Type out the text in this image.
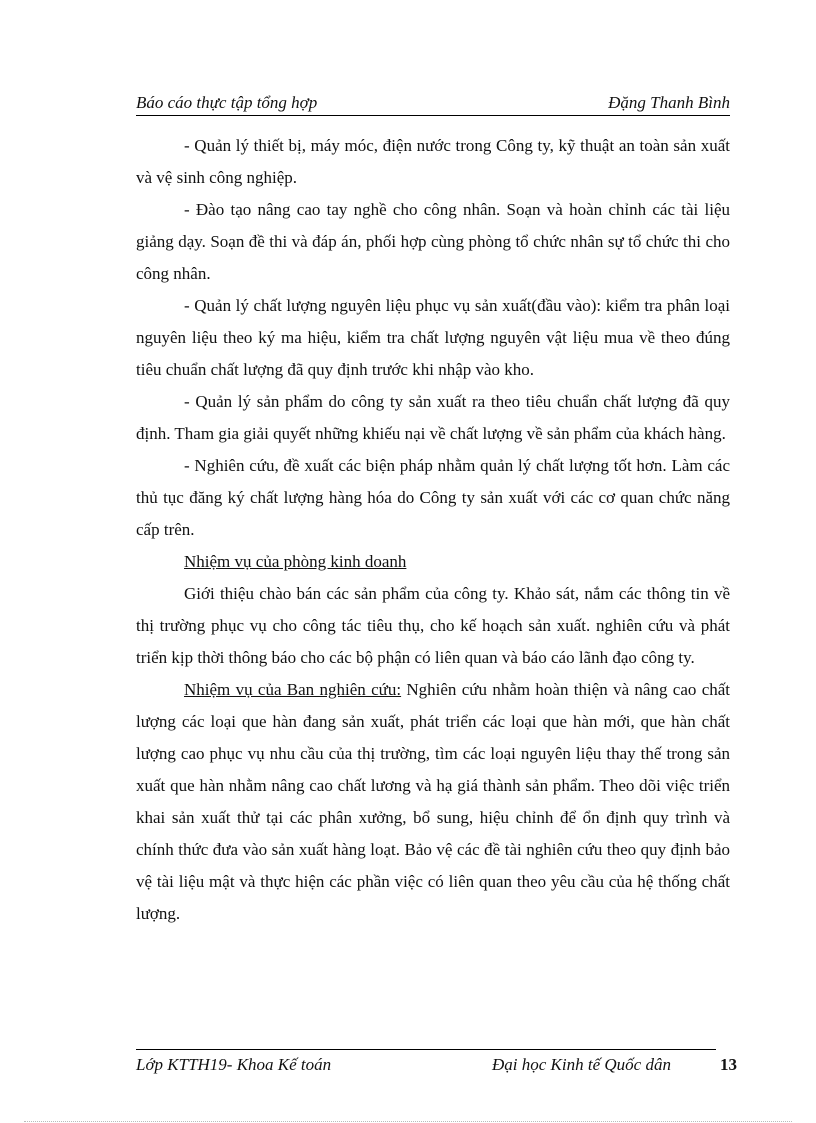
Báo cáo thực tập tổng hợp	Đặng Thanh Bình

- Quản lý thiết bị, máy móc, điện nước trong Công ty, kỹ thuật an toàn sản xuất và vệ sinh công nghiệp.

- Đào tạo nâng cao tay nghề cho công nhân. Soạn và hoàn chỉnh các tài liệu giảng dạy. Soạn đề thi và đáp án, phối hợp cùng phòng tổ chức nhân sự tổ chức thi cho công nhân.

- Quản lý chất lượng nguyên liệu phục vụ sản xuất(đầu vào): kiểm tra phân loại nguyên liệu theo ký ma hiệu, kiểm tra chất lượng nguyên vật liệu mua về theo đúng tiêu chuẩn chất lượng đã quy định trước khi nhập vào kho.

- Quản lý sản phẩm do công ty sản xuất ra theo tiêu chuẩn chất lượng đã quy định. Tham gia giải quyết những khiếu nại về chất lượng về sản phẩm của khách hàng.

- Nghiên cứu, đề xuất các biện pháp nhằm quản lý chất lượng tốt hơn. Làm các thủ tục đăng ký chất lượng hàng hóa do Công ty sản xuất với các cơ quan chức năng cấp trên.

Nhiệm vụ của phòng kinh doanh

Giới thiệu chào bán các sản phẩm của công ty. Khảo sát, nắm các thông tin về thị trường phục vụ cho công tác tiêu thụ, cho kế hoạch sản xuất. nghiên cứu và phát triển kịp thời thông báo cho các bộ phận có liên quan và báo cáo lãnh đạo công ty.

Nhiệm vụ của Ban nghiên cứu: Nghiên cứu nhằm hoàn thiện và nâng cao chất lượng các loại que hàn đang sản xuất, phát triển các loại que hàn mới, que hàn chất lượng cao phục vụ nhu cầu của thị trường, tìm các loại nguyên liệu thay thế trong sản xuất que hàn nhằm nâng cao chất lương và hạ giá thành sản phẩm. Theo dõi việc triển khai sản xuất thử tại các phân xưởng, bổ sung, hiệu chỉnh để ổn định quy trình và chính thức đưa vào sản xuất hàng loạt. Bảo vệ các đề tài nghiên cứu theo quy định bảo vệ tài liệu mật và thực hiện các phần việc có liên quan theo yêu cầu của hệ thống chất lượng.

Lớp KTTH19- Khoa Kế toán	Đại học Kinh tế Quốc dân	13
